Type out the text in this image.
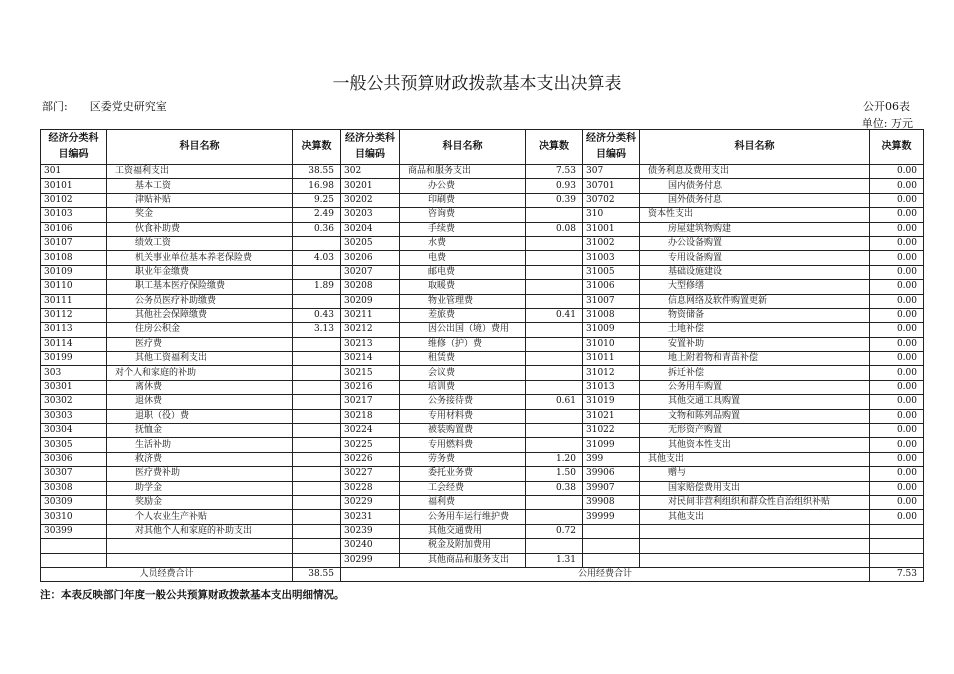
一般公共预算财政拨款基本支出决算表
部门: 区委党史研究室	公开06表
单位: 万元
经济分类科目编码	科目名称	决算数	经济分类科目编码	科目名称	决算数	经济分类科目编码	科目名称	决算数
301	工资福利支出	38.55	302	商品和服务支出	7.53	307	债务利息及费用支出	0.00
30101	基本工资	16.98	30201	办公费	0.93	30701	国内债务付息	0.00
30102	津贴补贴	9.25	30202	印刷费	0.39	30702	国外债务付息	0.00
30103	奖金	2.49	30203	咨询费		310	资本性支出	0.00
30106	伙食补助费	0.36	30204	手续费	0.08	31001	房屋建筑物购建	0.00
30107	绩效工资		30205	水费		31002	办公设备购置	0.00
30108	机关事业单位基本养老保险费	4.03	30206	电费		31003	专用设备购置	0.00
30109	职业年金缴费		30207	邮电费		31005	基础设施建设	0.00
30110	职工基本医疗保险缴费	1.89	30208	取暖费		31006	大型修缮	0.00
30111	公务员医疗补助缴费		30209	物业管理费		31007	信息网络及软件购置更新	0.00
30112	其他社会保障缴费	0.43	30211	差旅费	0.41	31008	物资储备	0.00
30113	住房公积金	3.13	30212	因公出国（境）费用		31009	土地补偿	0.00
30114	医疗费		30213	维修（护）费		31010	安置补助	0.00
30199	其他工资福利支出		30214	租赁费		31011	地上附着物和青苗补偿	0.00
303	对个人和家庭的补助		30215	会议费		31012	拆迁补偿	0.00
30301	离休费		30216	培训费		31013	公务用车购置	0.00
30302	退休费		30217	公务接待费	0.61	31019	其他交通工具购置	0.00
30303	退职（役）费		30218	专用材料费		31021	文物和陈列品购置	0.00
30304	抚恤金		30224	被装购置费		31022	无形资产购置	0.00
30305	生活补助		30225	专用燃料费		31099	其他资本性支出	0.00
30306	救济费		30226	劳务费	1.20	399	其他支出	0.00
30307	医疗费补助		30227	委托业务费	1.50	39906	赠与	0.00
30308	助学金		30228	工会经费	0.38	39907	国家赔偿费用支出	0.00
30309	奖励金		30229	福利费		39908	对民间非营利组织和群众性自治组织补贴	0.00
30310	个人农业生产补贴		30231	公务用车运行维护费		39999	其他支出	0.00
30399	对其他个人和家庭的补助支出		30239	其他交通费用	0.72			
			30240	税金及附加费用				
			30299	其他商品和服务支出	1.31			
人员经费合计		38.55	公用经费合计					7.53
注：本表反映部门年度一般公共预算财政拨款基本支出明细情况。
